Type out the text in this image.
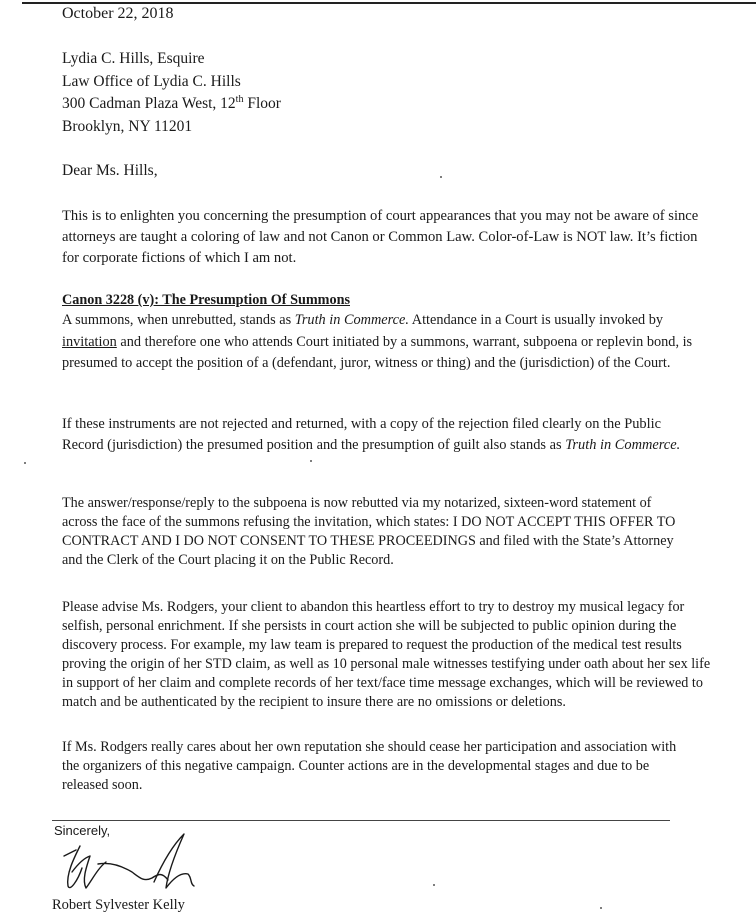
October 22, 2018
Lydia C. Hills, Esquire
Law Office of Lydia C. Hills
300 Cadman Plaza West, 12th Floor
Brooklyn, NY 11201
Dear Ms. Hills,
This is to enlighten you concerning the presumption of court appearances that you may not be aware of since attorneys are taught a coloring of law and not Canon or Common Law. Color-of-Law is NOT law. It’s fiction for corporate fictions of which I am not.
Canon 3228 (v): The Presumption Of Summons
A summons, when unrebutted, stands as Truth in Commerce. Attendance in a Court is usually invoked by invitation and therefore one who attends Court initiated by a summons, warrant, subpoena or replevin bond, is presumed to accept the position of a (defendant, juror, witness or thing) and the (jurisdiction) of the Court.
If these instruments are not rejected and returned, with a copy of the rejection filed clearly on the Public Record (jurisdiction) the presumed position and the presumption of guilt also stands as Truth in Commerce.
The answer/response/reply to the subpoena is now rebutted via my notarized, sixteen-word statement of across the face of the summons refusing the invitation, which states: I DO NOT ACCEPT THIS OFFER TO CONTRACT AND I DO NOT CONSENT TO THESE PROCEEDINGS and filed with the State’s Attorney and the Clerk of the Court placing it on the Public Record.
Please advise Ms. Rodgers, your client to abandon this heartless effort to try to destroy my musical legacy for selfish, personal enrichment. If she persists in court action she will be subjected to public opinion during the discovery process. For example, my law team is prepared to request the production of the medical test results proving the origin of her STD claim, as well as 10 personal male witnesses testifying under oath about her sex life in support of her claim and complete records of her text/face time message exchanges, which will be reviewed to match and be authenticated by the recipient to insure there are no omissions or deletions.
If Ms. Rodgers really cares about her own reputation she should cease her participation and association with the organizers of this negative campaign. Counter actions are in the developmental stages and due to be released soon.
Sincerely,
Robert Sylvester Kelly
